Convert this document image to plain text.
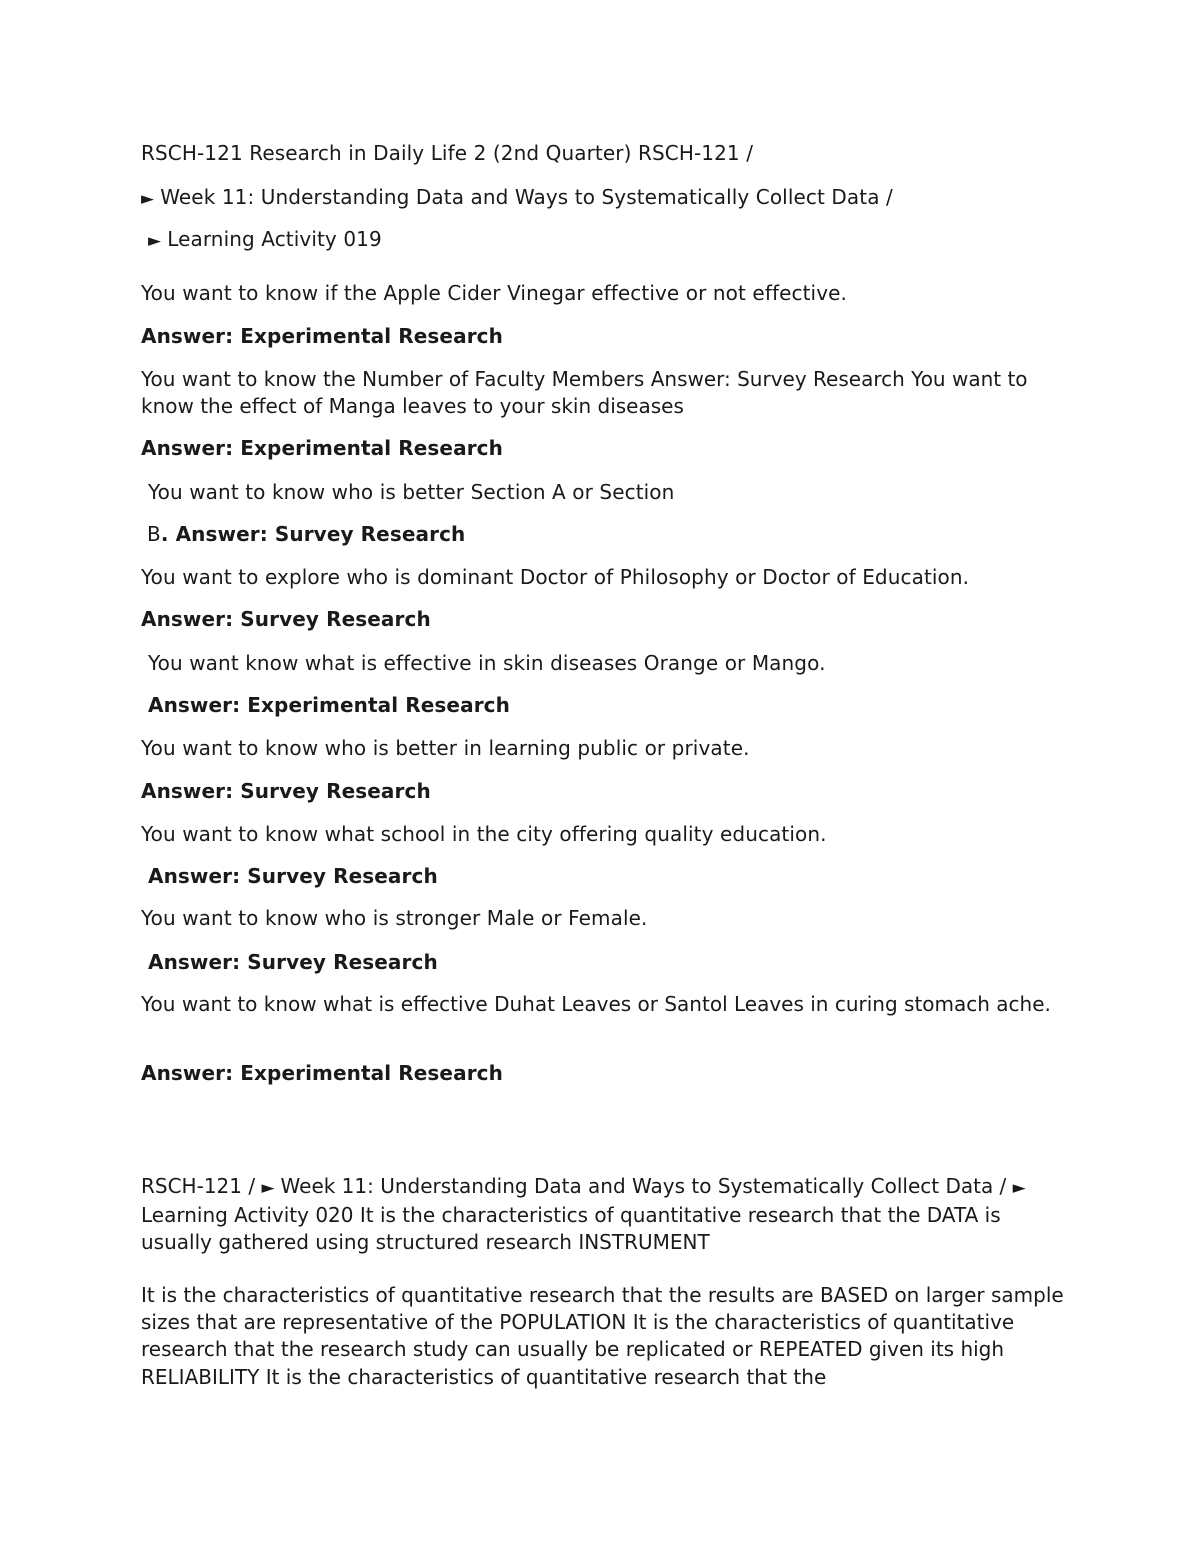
RSCH-121 Research in Daily Life 2 (2nd Quarter) RSCH-121 /

► Week 11: Understanding Data and Ways to Systematically Collect Data /

► Learning Activity 019

You want to know if the Apple Cider Vinegar effective or not effective.

Answer: Experimental Research

You want to know the Number of Faculty Members Answer: Survey Research You want to know the effect of Manga leaves to your skin diseases

Answer: Experimental Research

You want to know who is better Section A or Section

B. Answer: Survey Research

You want to explore who is dominant Doctor of Philosophy or Doctor of Education.

Answer: Survey Research

You want know what is effective in skin diseases Orange or Mango.

Answer: Experimental Research

You want to know who is better in learning public or private.

Answer: Survey Research

You want to know what school in the city offering quality education.

Answer: Survey Research

You want to know who is stronger Male or Female.

Answer: Survey Research

You want to know what is effective Duhat Leaves or Santol Leaves in curing stomach ache.

Answer: Experimental Research

RSCH-121 / ► Week 11: Understanding Data and Ways to Systematically Collect Data / ►Learning Activity 020 It is the characteristics of quantitative research that the DATA is usually gathered using structured research INSTRUMENT

It is the characteristics of quantitative research that the results are BASED on larger sample sizes that are representative of the POPULATION It is the characteristics of quantitative research that the research study can usually be replicated or REPEATED given its high RELIABILITY It is the characteristics of quantitative research that the
